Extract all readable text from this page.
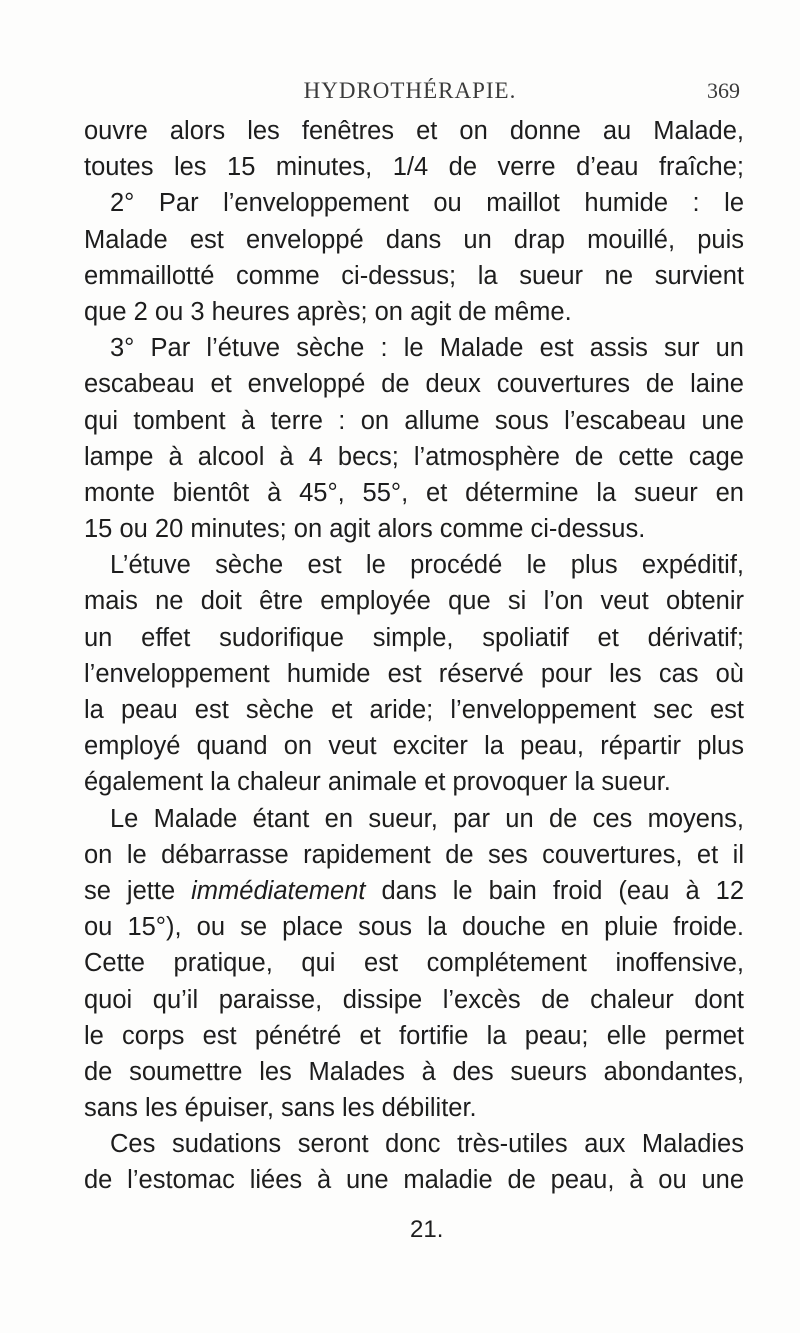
HYDROTHÉRAPIE.	369
ouvre alors les fenêtres et on donne au Malade,
toutes les 15 minutes, 1/4 de verre d’eau fraîche;
2° Par l’enveloppement ou maillot humide : le
Malade est enveloppé dans un drap mouillé, puis
emmaillotté comme ci-dessus; la sueur ne survient
que 2 ou 3 heures après; on agit de même.
3° Par l’étuve sèche : le Malade est assis sur un
escabeau et enveloppé de deux couvertures de laine
qui tombent à terre : on allume sous l’escabeau une
lampe à alcool à 4 becs; l’atmosphère de cette cage
monte bientôt à 45°, 55°, et détermine la sueur en
15 ou 20 minutes; on agit alors comme ci-dessus.
L’étuve sèche est le procédé le plus expéditif,
mais ne doit être employée que si l’on veut obtenir
un effet sudorifique simple, spoliatif et dérivatif;
l’enveloppement humide est réservé pour les cas où
la peau est sèche et aride; l’enveloppement sec est
employé quand on veut exciter la peau, répartir plus
également la chaleur animale et provoquer la sueur.
Le Malade étant en sueur, par un de ces moyens,
on le débarrasse rapidement de ses couvertures, et il
se jette immédiatement dans le bain froid (eau à 12
ou 15°), ou se place sous la douche en pluie froide.
Cette pratique, qui est complétement inoffensive,
quoi qu’il paraisse, dissipe l’excès de chaleur dont
le corps est pénétré et fortifie la peau; elle permet
de soumettre les Malades à des sueurs abondantes,
sans les épuiser, sans les débiliter.
Ces sudations seront donc très-utiles aux Maladies
de l’estomac liées à une maladie de peau, à ou une
21.
